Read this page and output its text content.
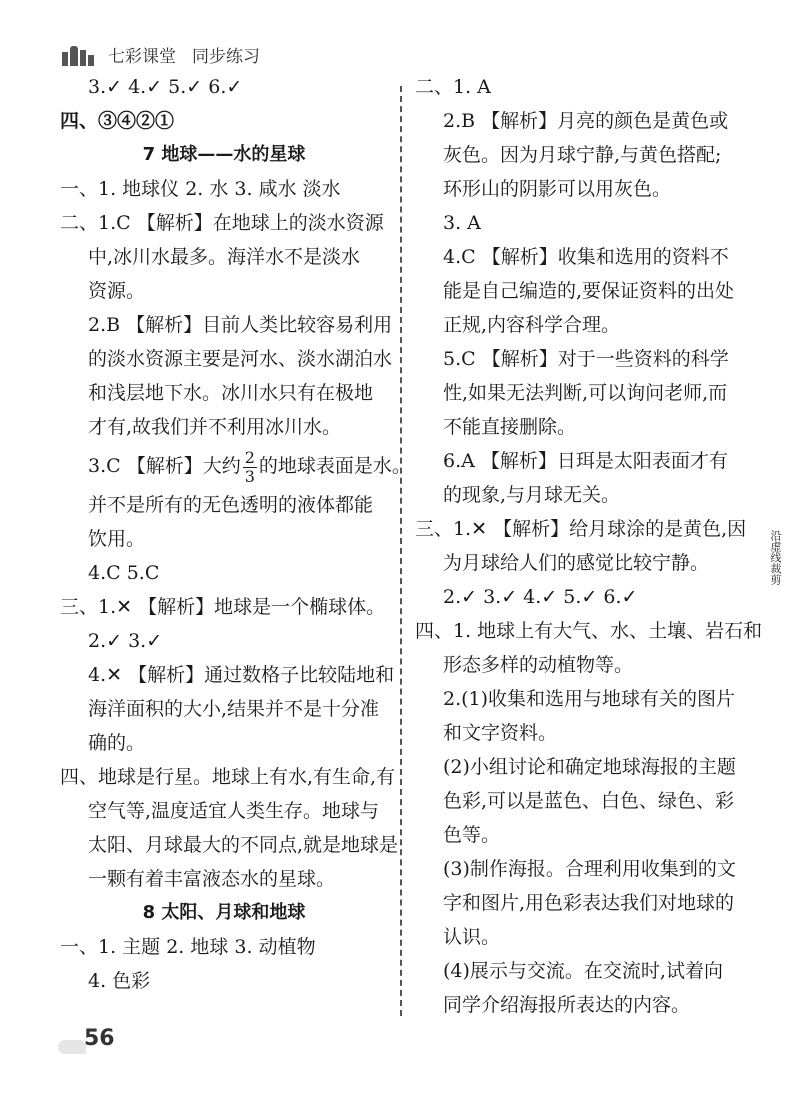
七彩课堂 同步练习
3.✓ 4.✓ 5.✓ 6.✓
四、③④②①
7 地球——水的星球
一、1. 地球仪 2. 水 3. 咸水 淡水
二、1.C 【解析】在地球上的淡水资源
中,冰川水最多。海洋水不是淡水
资源。
2.B 【解析】目前人类比较容易利用
的淡水资源主要是河水、淡水湖泊水
和浅层地下水。冰川水只有在极地
才有,故我们并不利用冰川水。
3.C 【解析】大约 $\frac{2}{3}$ 的地球表面是水。
并不是所有的无色透明的液体都能
饮用。
4.C 5.C
三、1.✕ 【解析】地球是一个椭球体。
2.✓ 3.✓
4.✕ 【解析】通过数格子比较陆地和
海洋面积的大小,结果并不是十分准
确的。
四、地球是行星。地球上有水,有生命,有
空气等,温度适宜人类生存。地球与
太阳、月球最大的不同点,就是地球是
一颗有着丰富液态水的星球。
8 太阳、月球和地球
一、1. 主题 2. 地球 3. 动植物
4. 色彩
二、1. A
2.B 【解析】月亮的颜色是黄色或
灰色。因为月球宁静,与黄色搭配;
环形山的阴影可以用灰色。
3. A
4.C 【解析】收集和选用的资料不
能是自己编造的,要保证资料的出处
正规,内容科学合理。
5.C 【解析】对于一些资料的科学
性,如果无法判断,可以询问老师,而
不能直接删除。
6.A 【解析】日珥是太阳表面才有
的现象,与月球无关。
三、1.✕ 【解析】给月球涂的是黄色,因
为月球给人们的感觉比较宁静。
2.✓ 3.✓ 4.✓ 5.✓ 6.✓
四、1. 地球上有大气、水、土壤、岩石和
形态多样的动植物等。
2.(1)收集和选用与地球有关的图片
和文字资料。
(2)小组讨论和确定地球海报的主题
色彩,可以是蓝色、白色、绿色、彩
色等。
(3)制作海报。合理利用收集到的文
字和图片,用色彩表达我们对地球的
认识。
(4)展示与交流。在交流时,试着向
同学介绍海报所表达的内容。
沿虚线裁剪
56
